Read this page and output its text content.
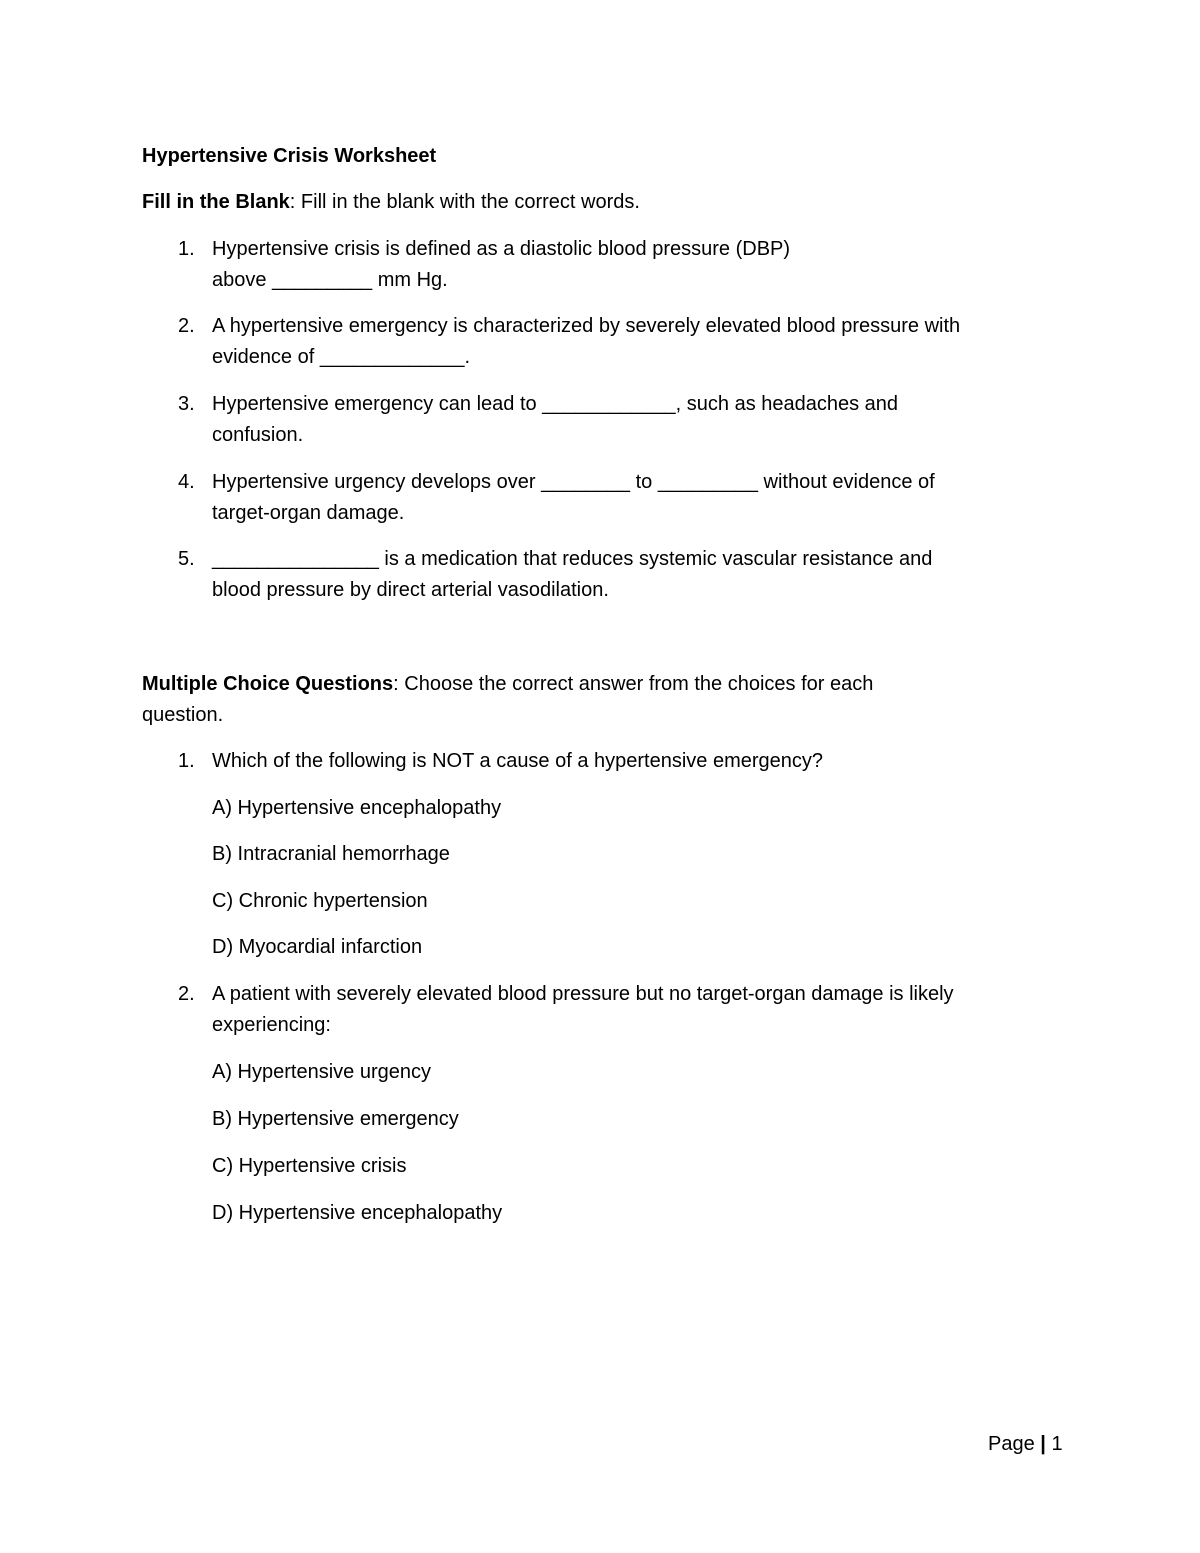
Hypertensive Crisis Worksheet
Fill in the Blank: Fill in the blank with the correct words.
1. Hypertensive crisis is defined as a diastolic blood pressure (DBP)
above _________ mm Hg.
2. A hypertensive emergency is characterized by severely elevated blood pressure with
evidence of _____________.
3. Hypertensive emergency can lead to ____________, such as headaches and
confusion.
4. Hypertensive urgency develops over ________ to _________ without evidence of
target-organ damage.
5. _______________ is a medication that reduces systemic vascular resistance and
blood pressure by direct arterial vasodilation.
Multiple Choice Questions: Choose the correct answer from the choices for each
question.
1. Which of the following is NOT a cause of a hypertensive emergency?
A) Hypertensive encephalopathy
B) Intracranial hemorrhage
C) Chronic hypertension
D) Myocardial infarction
2. A patient with severely elevated blood pressure but no target-organ damage is likely
experiencing:
A) Hypertensive urgency
B) Hypertensive emergency
C) Hypertensive crisis
D) Hypertensive encephalopathy
Page | 1
